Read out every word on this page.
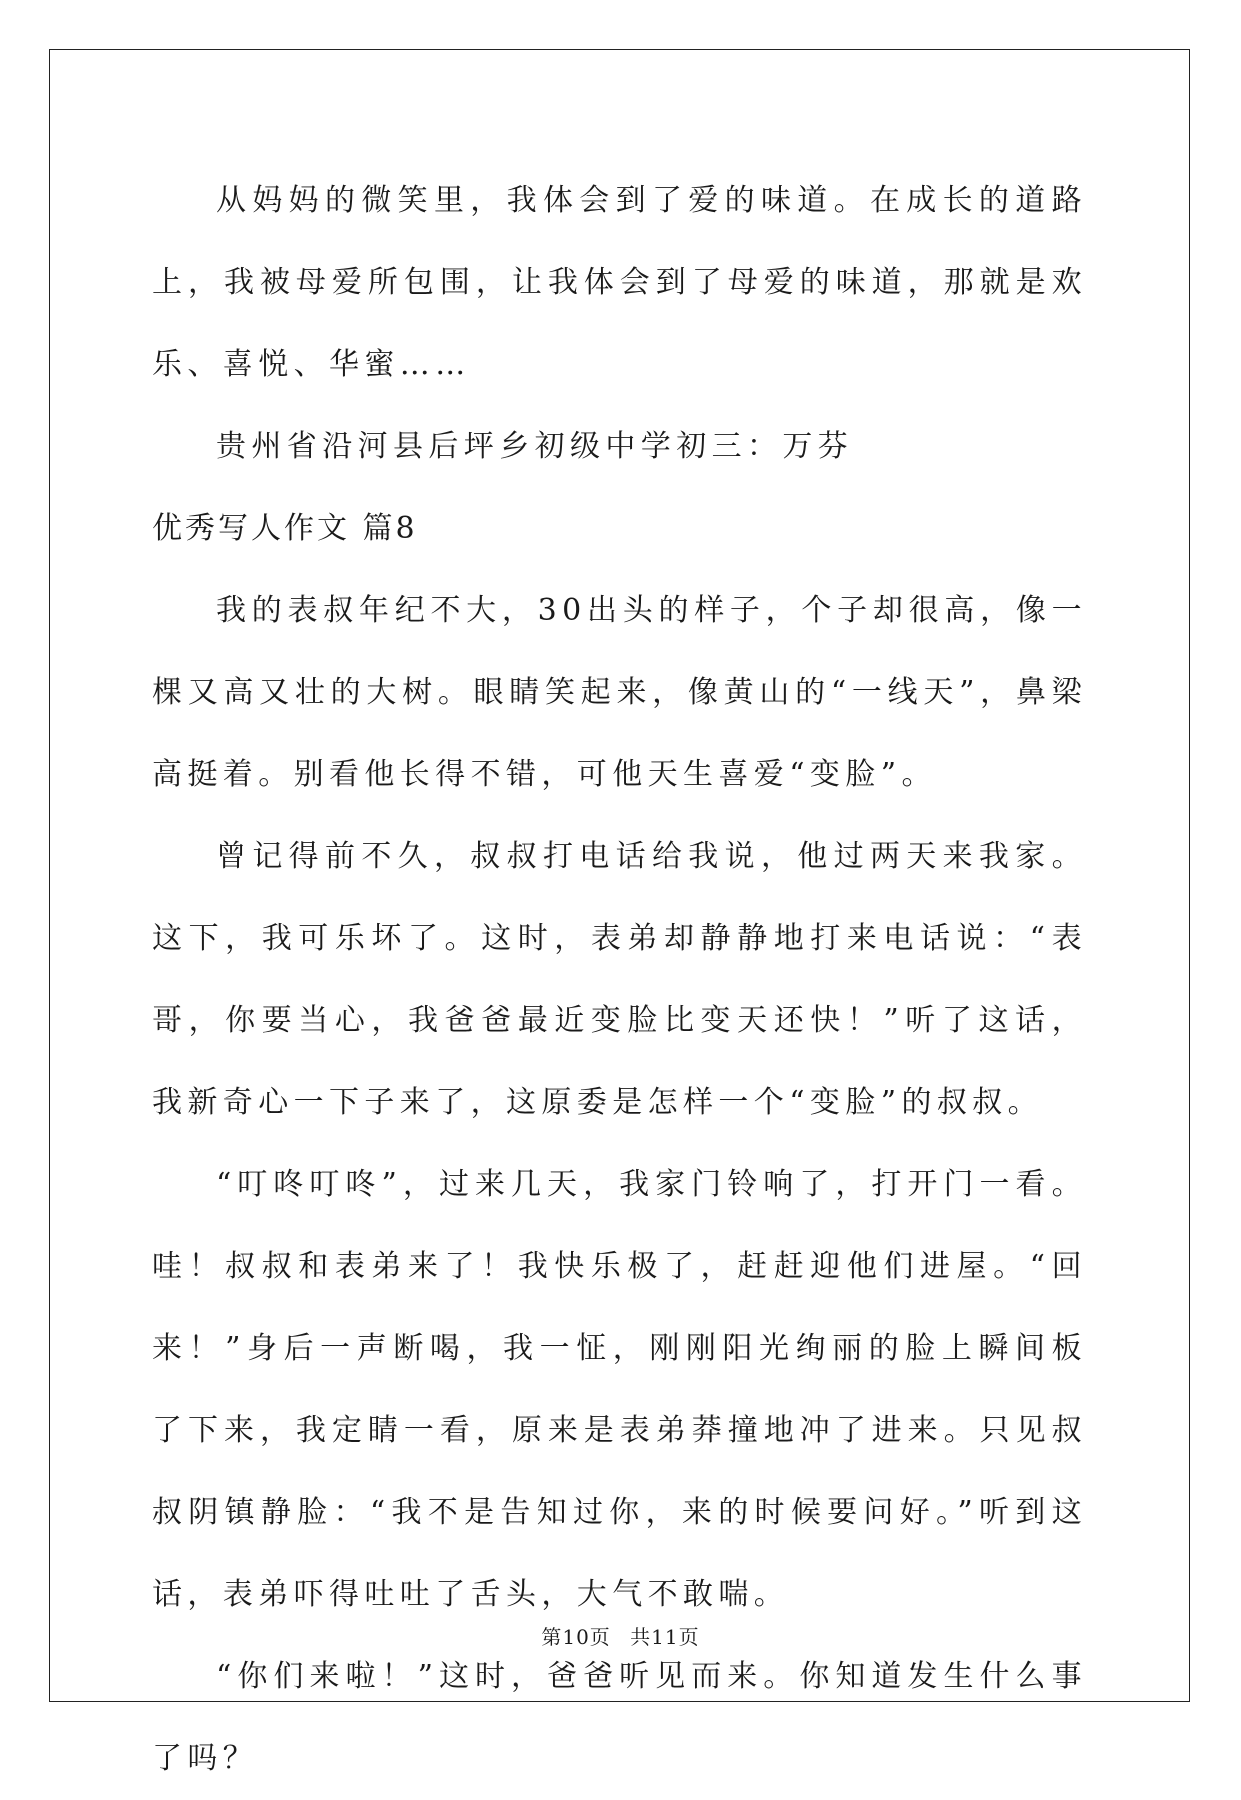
从妈妈的微笑里，我体会到了爱的味道。在成长的道路上，我被母爱所包围，让我体会到了母爱的味道，那就是欢乐、喜悦、华蜜……

贵州省沿河县后坪乡初级中学初三：万芬

优秀写人作文 篇8

我的表叔年纪不大，30出头的样子，个子却很高，像一棵又高又壮的大树。眼睛笑起来，像黄山的“一线天”，鼻梁高挺着。别看他长得不错，可他天生喜爱“变脸”。

曾记得前不久，叔叔打电话给我说，他过两天来我家。这下，我可乐坏了。这时，表弟却静静地打来电话说：“表哥，你要当心，我爸爸最近变脸比变天还快！”听了这话，我新奇心一下子来了，这原委是怎样一个“变脸”的叔叔。

“叮咚叮咚”，过来几天，我家门铃响了，打开门一看。哇！叔叔和表弟来了！我快乐极了，赶赶迎他们进屋。“回来！”身后一声断喝，我一怔，刚刚阳光绚丽的脸上瞬间板了下来，我定睛一看，原来是表弟莽撞地冲了进来。只见叔叔阴镇静脸：“我不是告知过你，来的时候要问好。”听到这话，表弟吓得吐吐了舌头，大气不敢喘。

“你们来啦！”这时，爸爸听见而来。你知道发生什么事了吗？

第10页 共11页
